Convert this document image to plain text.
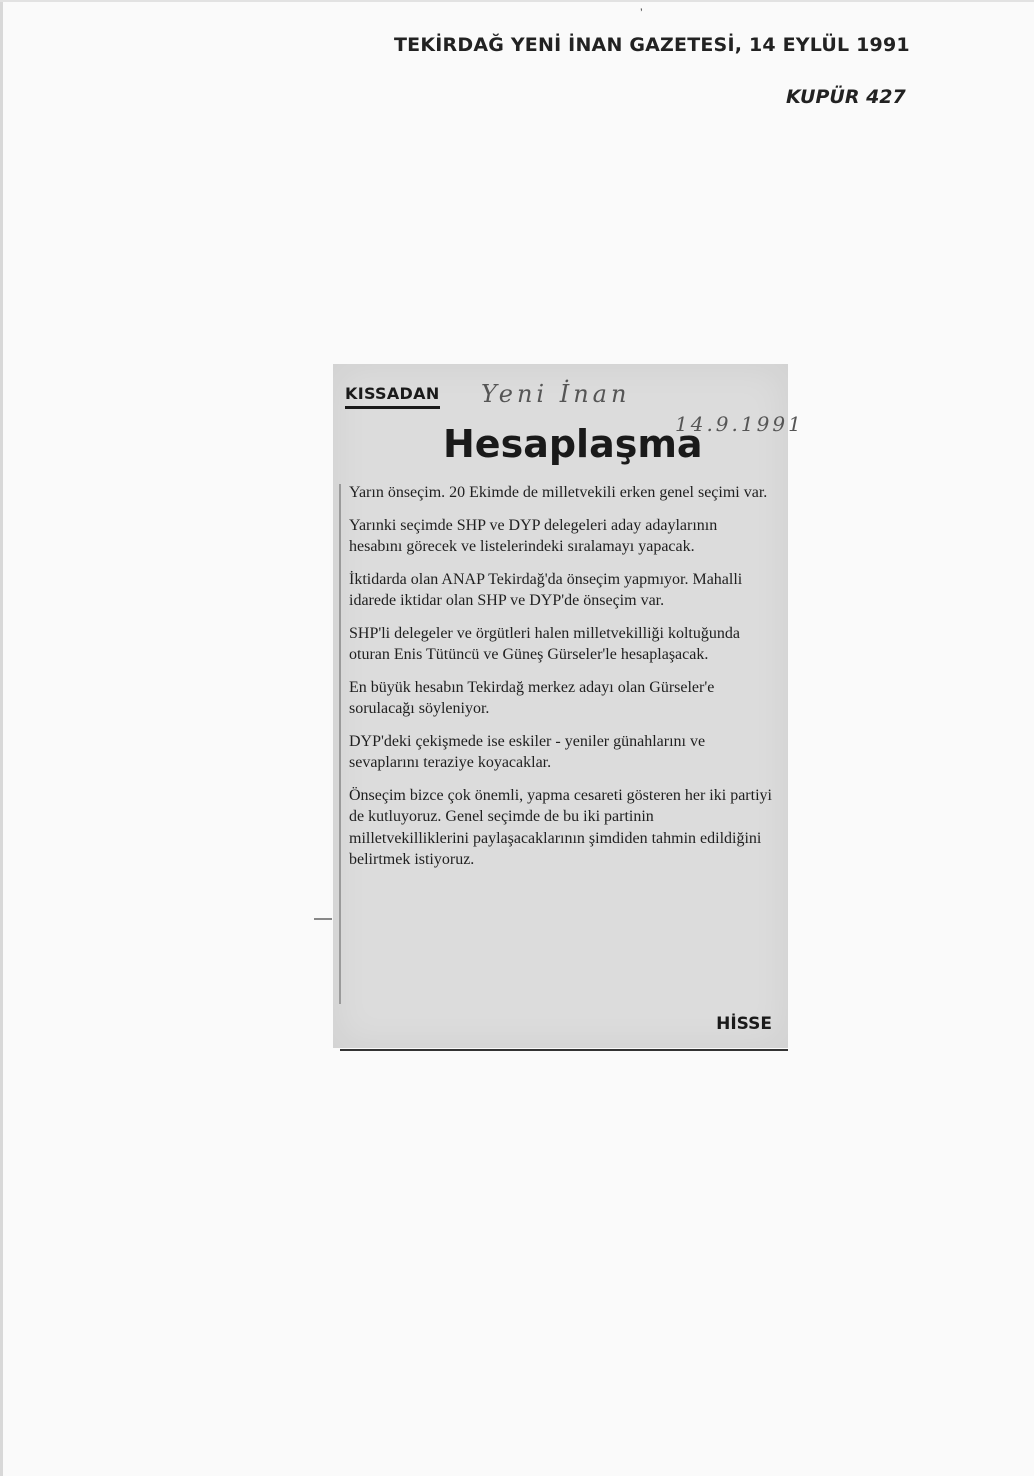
’
TEKİRDAĞ YENİ İNAN GAZETESİ, 14 EYLÜL 1991
KUPÜR 427
KISSADAN Yeni İnan
14.9.1991
Hesaplaşma

Yarın önseçim. 20 Ekimde de milletvekili erken genel seçimi var.

Yarınki seçimde SHP ve DYP delegeleri aday adaylarının hesabını görecek ve listelerindeki sıralamayı yapacak.

İktidarda olan ANAP Tekirdağ'da önseçim yapmıyor. Mahalli idarede iktidar olan SHP ve DYP'de önseçim var.

SHP'li delegeler ve örgütleri halen milletvekilliği koltuğunda oturan Enis Tütüncü ve Güneş Gürseler'le hesaplaşacak.

En büyük hesabın Tekirdağ merkez adayı olan Gürseler'e sorulacağı söyleniyor.

DYP'deki çekişmede ise eskiler - yeniler günahlarını ve sevaplarını teraziye koyacaklar.

Önseçim bizce çok önemli, yapma cesareti gösteren her iki partiyi de kutluyoruz. Genel seçimde de bu iki partinin milletvekilliklerini paylaşacaklarının şimdiden tahmin edildiğini belirtmek istiyoruz.

HİSSE
